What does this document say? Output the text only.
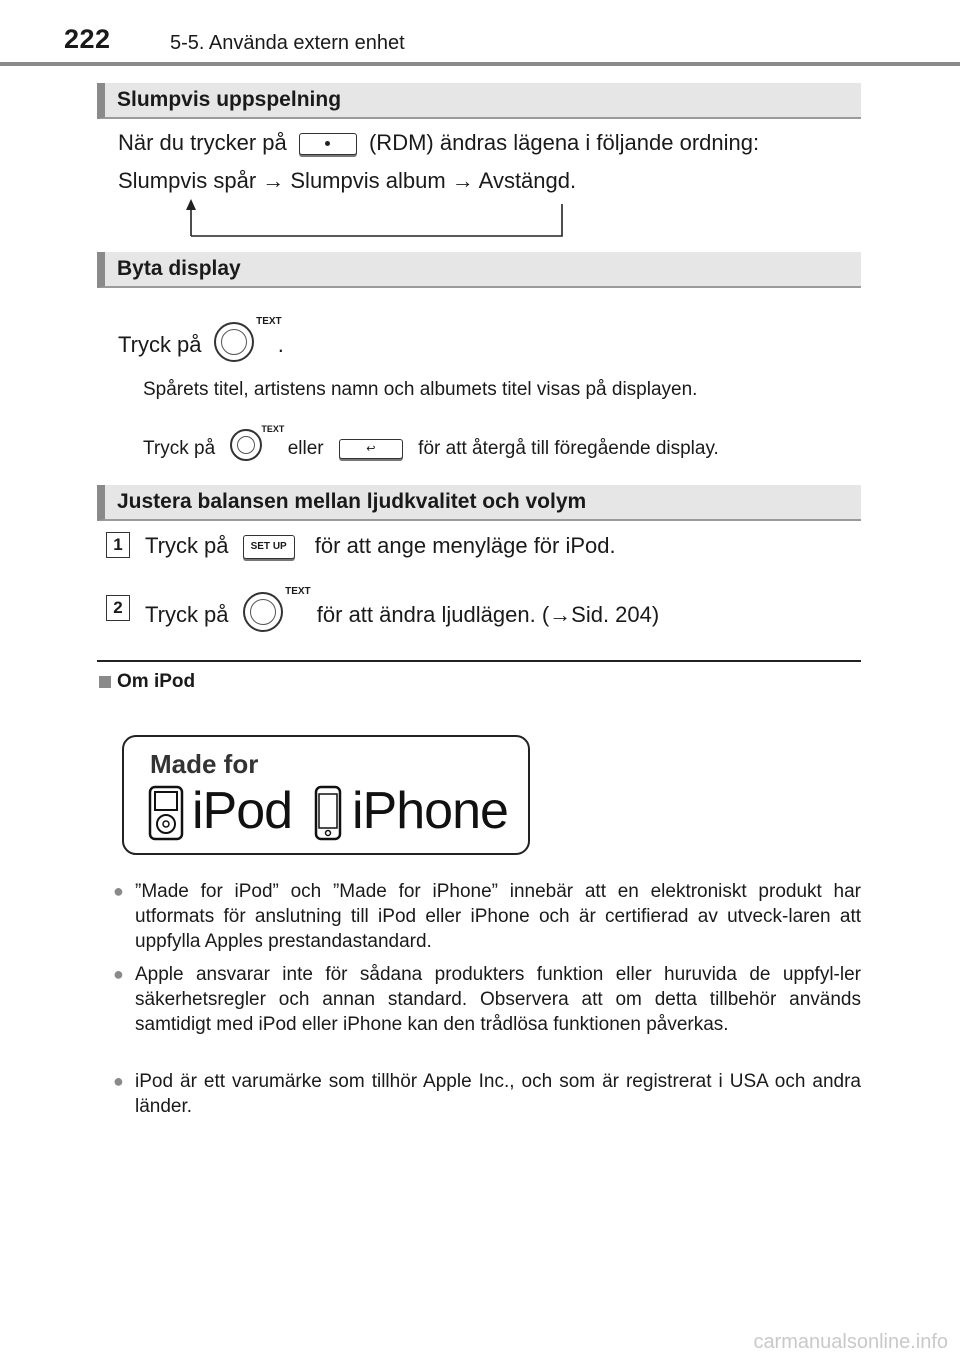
222	5-5. Använda extern enhet
Slumpvis uppspelning
När du trycker på	(RDM) ändras lägena i följande ordning:
Slumpvis spår → Slumpvis album → Avstängd.
Byta display
Tryck på
TEXT
.
Spårets titel, artistens namn och albumets titel visas på displayen.
Tryck på
TEXT
eller	↩ för att återgå till föregående display.
Justera balansen mellan ljudkvalitet och volym
1	Tryck på SET UP för att ange menyläge för iPod.
2	Tryck på
TEXT
för att ändra ljudlägen. (→Sid. 204)
Om iPod
Made for
iPod iPhone
● ”Made for iPod” och ”Made for iPhone” innebär att en elektroniskt produkt har utformats för anslutning till iPod eller iPhone och är certifierad av utveck-laren att uppfylla Apples prestandastandard.
● Apple ansvarar inte för sådana produkters funktion eller huruvida de uppfyl-ler säkerhetsregler och annan standard. Observera att om detta tillbehör används samtidigt med iPod eller iPhone kan den trådlösa funktionen påverkas.
● iPod är ett varumärke som tillhör Apple Inc., och som är registrerat i USA och andra länder.
carmanualsonline.info
